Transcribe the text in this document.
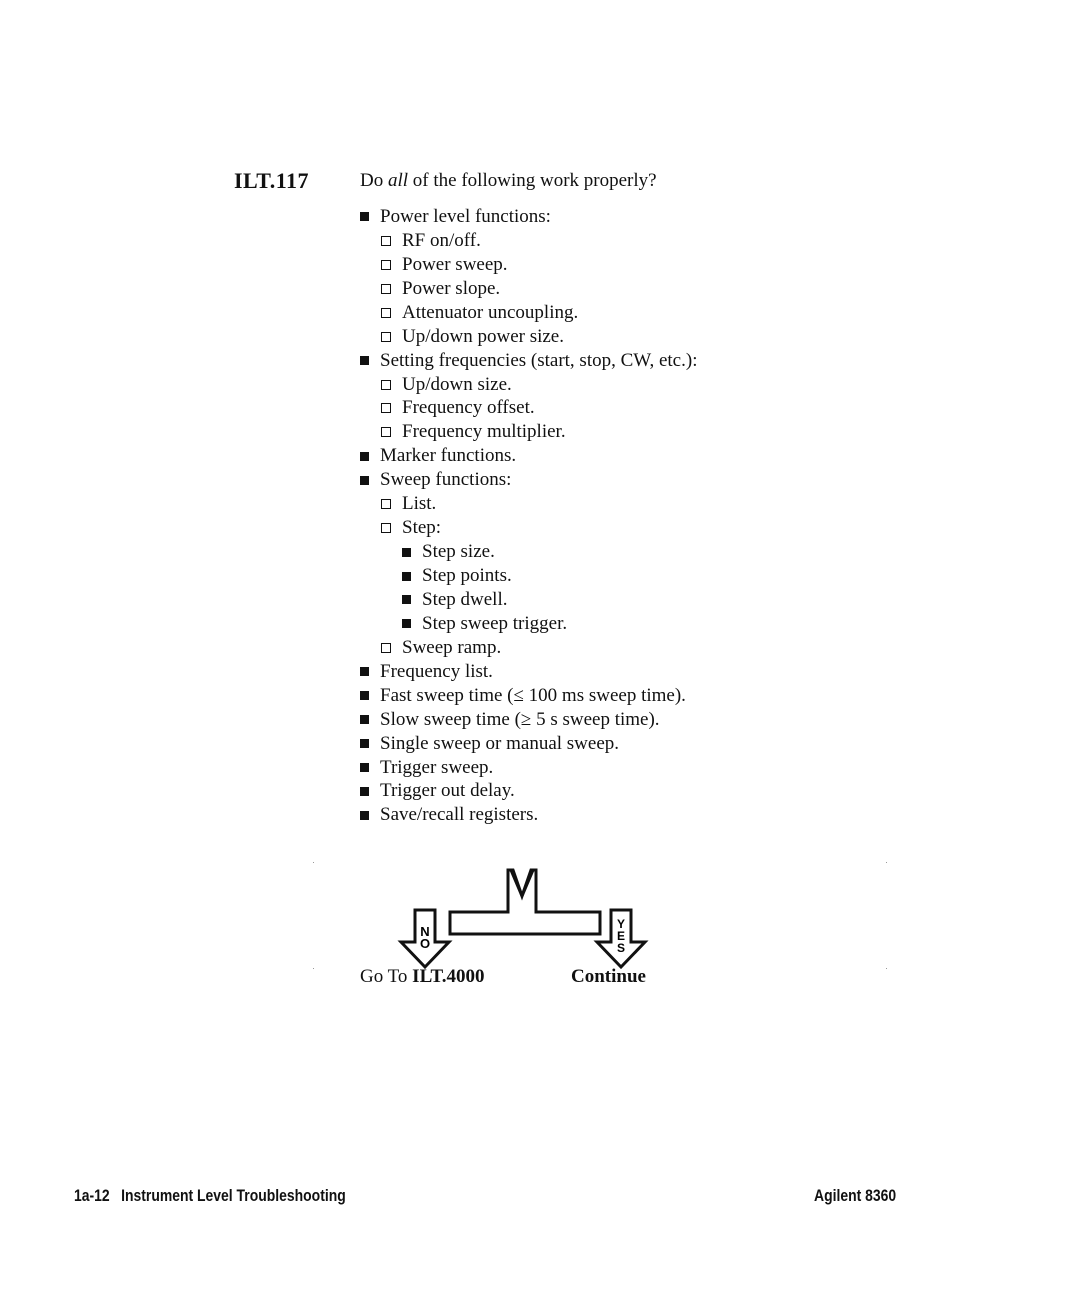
ILT.117	Do all of the following work properly?
Power level functions:
RF on/off.
Power sweep.
Power slope.
Attenuator uncoupling.
Up/down power size.
Setting frequencies (start, stop, CW, etc.):
Up/down size.
Frequency offset.
Frequency multiplier.
Marker functions.
Sweep functions:
List.
Step:
Step size.
Step points.
Step dwell.
Step sweep trigger.
Sweep ramp.
Frequency list.
Fast sweep time (≤ 100 ms sweep time).
Slow sweep time (≥ 5 s sweep time).
Single sweep or manual sweep.
Trigger sweep.
Trigger out delay.
Save/recall registers.
N
O
Y
E
S
Go To ILT.4000	Continue
1a-12 Instrument Level Troubleshooting	Agilent 8360
